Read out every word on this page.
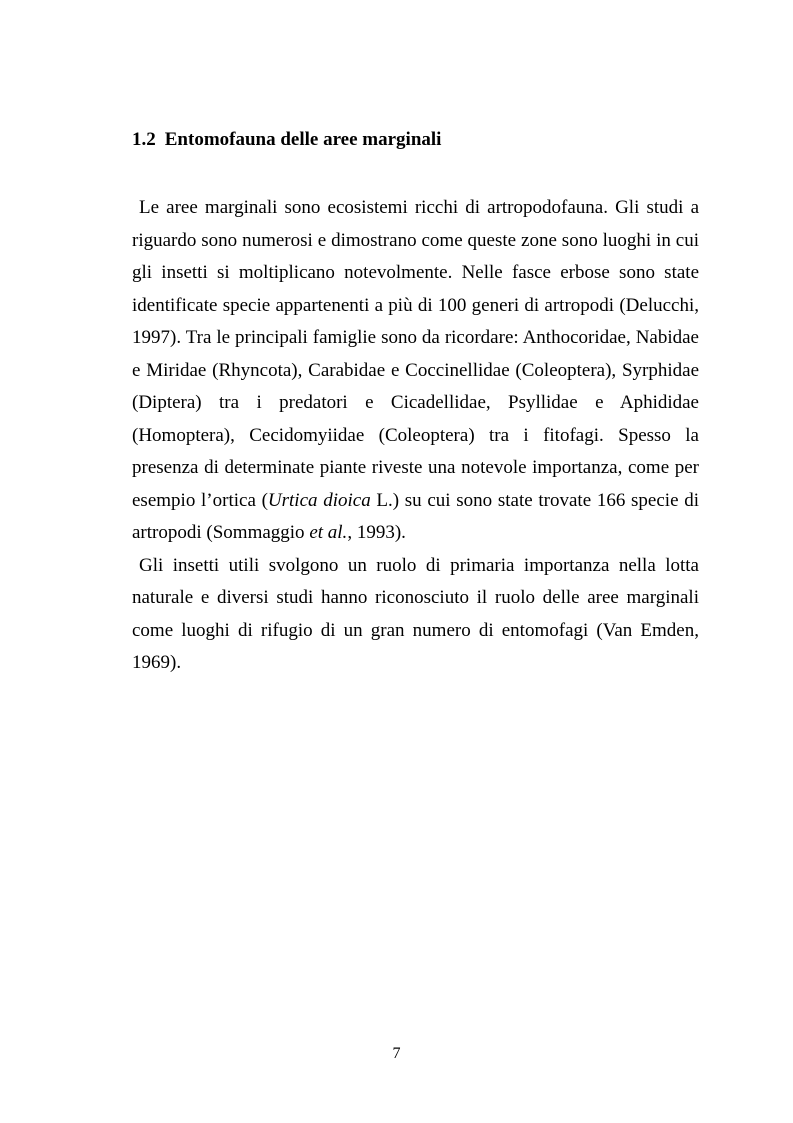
1.2 Entomofauna delle aree marginali

Le aree marginali sono ecosistemi ricchi di artropodofauna. Gli studi a riguardo sono numerosi e dimostrano come queste zone sono luoghi in cui gli insetti si moltiplicano notevolmente. Nelle fasce erbose sono state identificate specie appartenenti a più di 100 generi di artropodi (Delucchi, 1997). Tra le principali famiglie sono da ricordare: Anthocoridae, Nabidae e Miridae (Rhyncota), Carabidae e Coccinellidae (Coleoptera), Syrphidae (Diptera) tra i predatori e Cicadellidae, Psyllidae e Aphididae (Homoptera), Cecidomyiidae (Coleoptera) tra i fitofagi. Spesso la presenza di determinate piante riveste una notevole importanza, come per esempio l’ortica (Urtica dioica L.) su cui sono state trovate 166 specie di artropodi (Sommaggio et al., 1993).

Gli insetti utili svolgono un ruolo di primaria importanza nella lotta naturale e diversi studi hanno riconosciuto il ruolo delle aree marginali come luoghi di rifugio di un gran numero di entomofagi (Van Emden, 1969).

7
